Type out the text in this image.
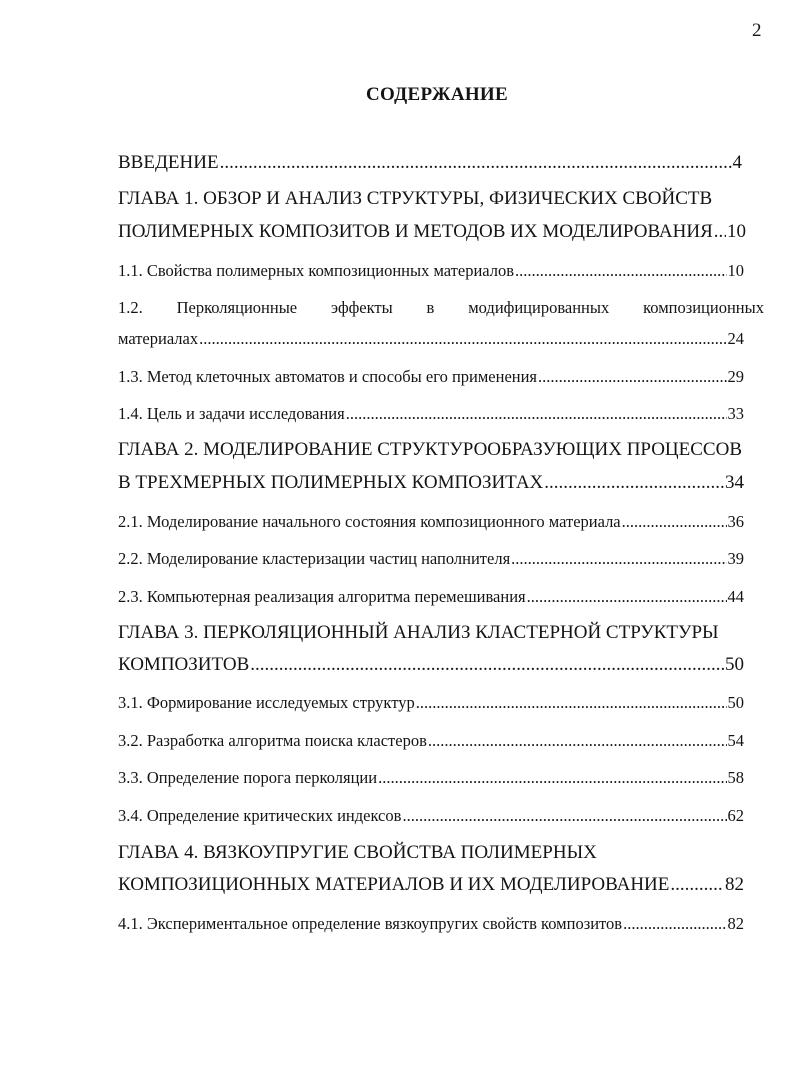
2
СОДЕРЖАНИЕ
ВВЕДЕНИЕ .....	4
ГЛАВА 1. ОБЗОР И АНАЛИЗ СТРУКТУРЫ, ФИЗИЧЕСКИХ СВОЙСТВ
ПОЛИМЕРНЫХ КОМПОЗИТОВ И МЕТОДОВ ИХ МОДЕЛИРОВАНИЯ ..... 10
1.1. Свойства полимерных композиционных материалов .....	10
1.2. Перколяционные эффекты в модифицированных композиционных
материалах .....	24
1.3. Метод клеточных автоматов и способы его применения .....	29
1.4. Цель и задачи исследования .....	33
ГЛАВА 2. МОДЕЛИРОВАНИЕ СТРУКТУРООБРАЗУЮЩИХ ПРОЦЕССОВ
В ТРЕХМЕРНЫХ ПОЛИМЕРНЫХ КОМПОЗИТАХ .....	34
2.1. Моделирование начального состояния композиционного материала .....	36
2.2. Моделирование кластеризации частиц наполнителя .....	39
2.3. Компьютерная реализация алгоритма перемешивания .....	44
ГЛАВА 3. ПЕРКОЛЯЦИОННЫЙ АНАЛИЗ КЛАСТЕРНОЙ СТРУКТУРЫ
КОМПОЗИТОВ .....	50
3.1. Формирование исследуемых структур .....	50
3.2. Разработка алгоритма поиска кластеров .....	54
3.3. Определение порога перколяции .....	58
3.4. Определение критических индексов .....	62
ГЛАВА 4. ВЯЗКОУПРУГИЕ СВОЙСТВА ПОЛИМЕРНЫХ
КОМПОЗИЦИОННЫХ МАТЕРИАЛОВ И ИХ МОДЕЛИРОВАНИЕ .....	82
4.1. Экспериментальное определение вязкоупругих свойств композитов .....	82
